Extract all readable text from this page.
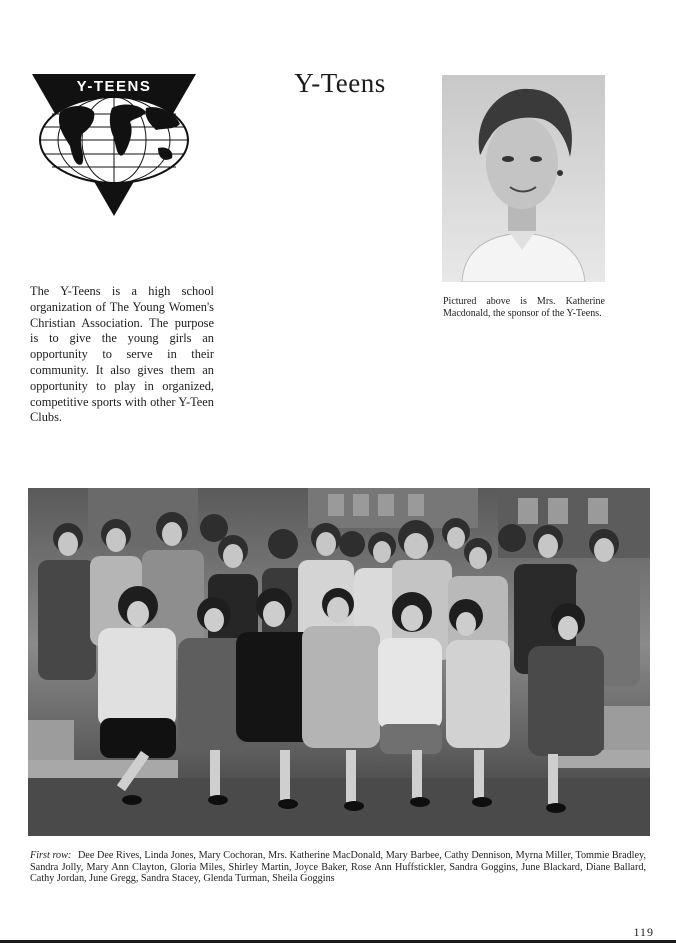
Y-TEENS	Y-Teens
Pictured above is Mrs. Katherine Macdonald, the sponsor of the Y-Teens.
The Y-Teens is a high school organization of The Young Women's Christian Association. The purpose is to give the young girls an opportunity to serve in their community. It also gives them an opportunity to play in organized, competitive sports with other Y-Teen Clubs.
First row: Dee Dee Rives, Linda Jones, Mary Cochoran, Mrs. Katherine MacDonald, Mary Barbee, Cathy Dennison, Myrna Miller, Tommie Bradley, Sandra Jolly, Mary Ann Clayton, Gloria Miles, Shirley Martin, Joyce Baker, Rose Ann Huffstickler, Sandra Goggins, June Blackard, Diane Ballard, Cathy Jordan, June Gregg, Sandra Stacey, Glenda Turman, Sheila Goggins
119
